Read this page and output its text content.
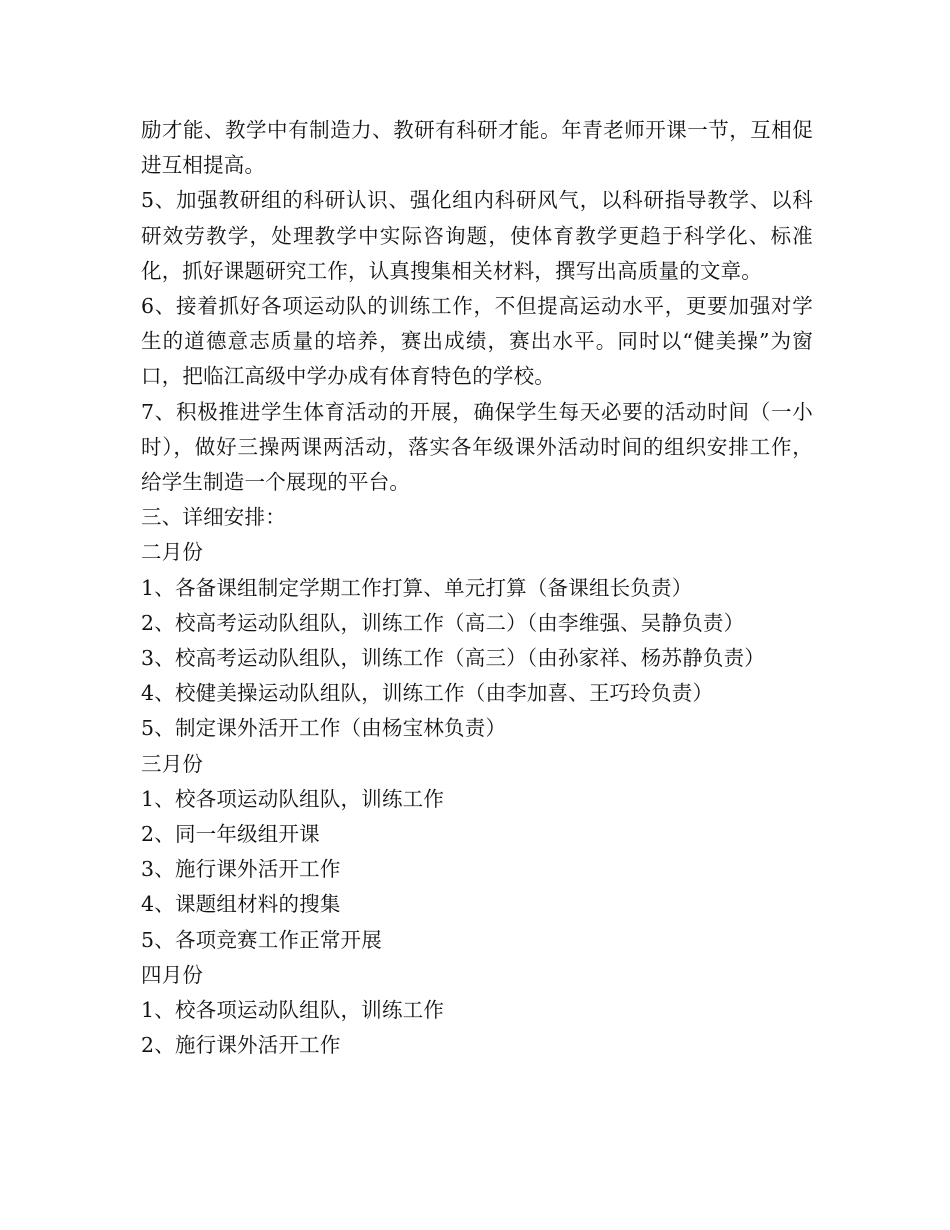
励才能、教学中有制造力、教研有科研才能。年青老师开课一节，互相促进互相提高。

5、加强教研组的科研认识、强化组内科研风气，以科研指导教学、以科研效劳教学，处理教学中实际咨询题，使体育教学更趋于科学化、标准化，抓好课题研究工作，认真搜集相关材料，撰写出高质量的文章。

6、接着抓好各项运动队的训练工作，不但提高运动水平，更要加强对学生的道德意志质量的培养，赛出成绩，赛出水平。同时以“健美操”为窗口，把临江高级中学办成有体育特色的学校。

7、积极推进学生体育活动的开展，确保学生每天必要的活动时间（一小时），做好三操两课两活动，落实各年级课外活动时间的组织安排工作，给学生制造一个展现的平台。

三、详细安排：

二月份

1、各备课组制定学期工作打算、单元打算（备课组长负责）

2、校高考运动队组队，训练工作（高二）（由李维强、吴静负责）

3、校高考运动队组队，训练工作（高三）（由孙家祥、杨苏静负责）

4、校健美操运动队组队，训练工作（由李加喜、王巧玲负责）

5、制定课外活开工作（由杨宝林负责）

三月份

1、校各项运动队组队，训练工作

2、同一年级组开课

3、施行课外活开工作

4、课题组材料的搜集

5、各项竞赛工作正常开展

四月份

1、校各项运动队组队，训练工作

2、施行课外活开工作
